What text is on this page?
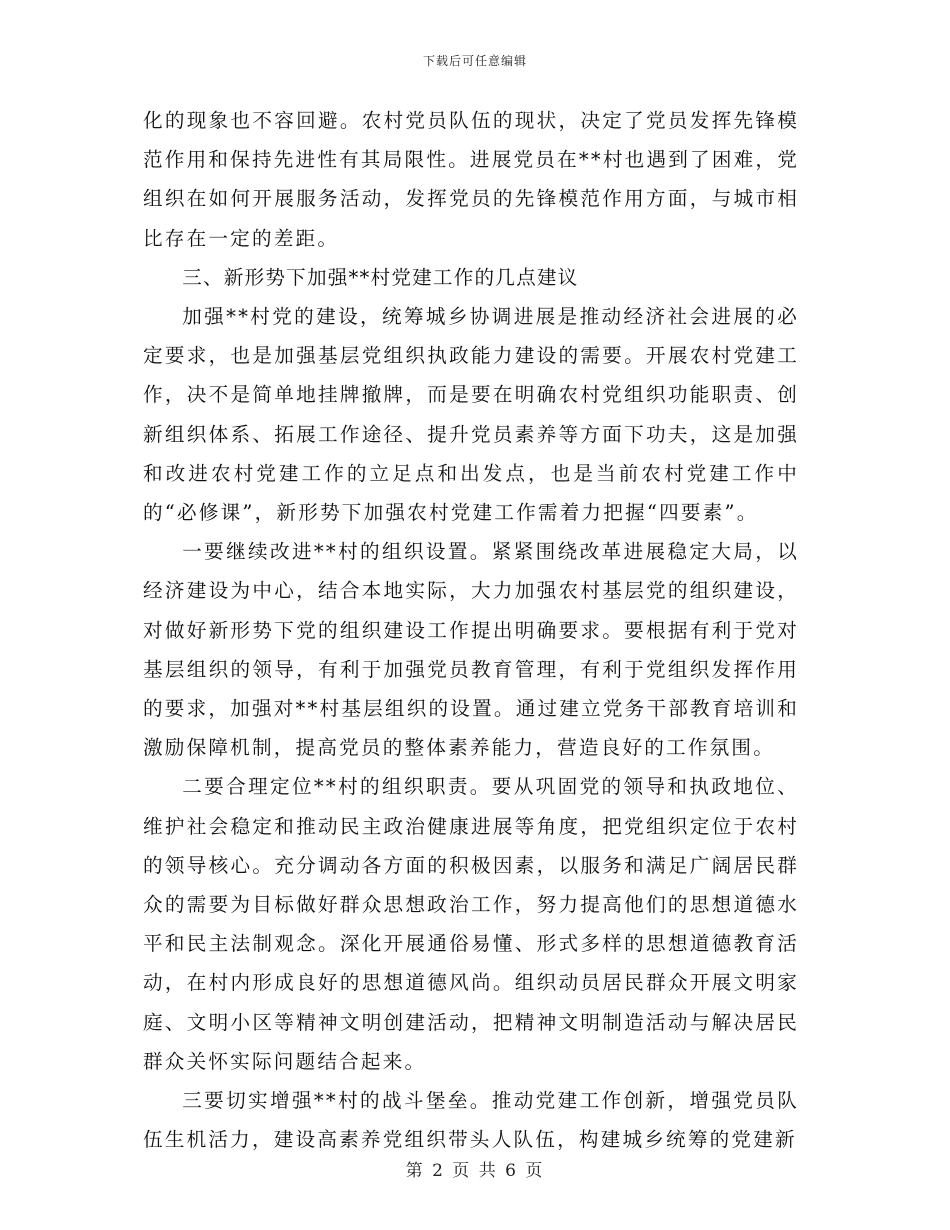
下载后可任意编辑

化的现象也不容回避。农村党员队伍的现状，决定了党员发挥先锋模范作用和保持先进性有其局限性。进展党员在**村也遇到了困难，党组织在如何开展服务活动，发挥党员的先锋模范作用方面，与城市相比存在一定的差距。

三、新形势下加强**村党建工作的几点建议

加强**村党的建设，统筹城乡协调进展是推动经济社会进展的必定要求，也是加强基层党组织执政能力建设的需要。开展农村党建工作，决不是简单地挂牌撤牌，而是要在明确农村党组织功能职责、创新组织体系、拓展工作途径、提升党员素养等方面下功夫，这是加强和改进农村党建工作的立足点和出发点，也是当前农村党建工作中的“必修课”，新形势下加强农村党建工作需着力把握“四要素”。

一要继续改进**村的组织设置。紧紧围绕改革进展稳定大局，以经济建设为中心，结合本地实际，大力加强农村基层党的组织建设，对做好新形势下党的组织建设工作提出明确要求。要根据有利于党对基层组织的领导，有利于加强党员教育管理，有利于党组织发挥作用的要求，加强对**村基层组织的设置。通过建立党务干部教育培训和激励保障机制，提高党员的整体素养能力，营造良好的工作氛围。

二要合理定位**村的组织职责。要从巩固党的领导和执政地位、维护社会稳定和推动民主政治健康进展等角度，把党组织定位于农村的领导核心。充分调动各方面的积极因素，以服务和满足广阔居民群众的需要为目标做好群众思想政治工作，努力提高他们的思想道德水平和民主法制观念。深化开展通俗易懂、形式多样的思想道德教育活动，在村内形成良好的思想道德风尚。组织动员居民群众开展文明家庭、文明小区等精神文明创建活动，把精神文明制造活动与解决居民群众关怀实际问题结合起来。

三要切实增强**村的战斗堡垒。推动党建工作创新，增强党员队伍生机活力，建设高素养党组织带头人队伍，构建城乡统筹的党建新

第 2 页 共 6 页
